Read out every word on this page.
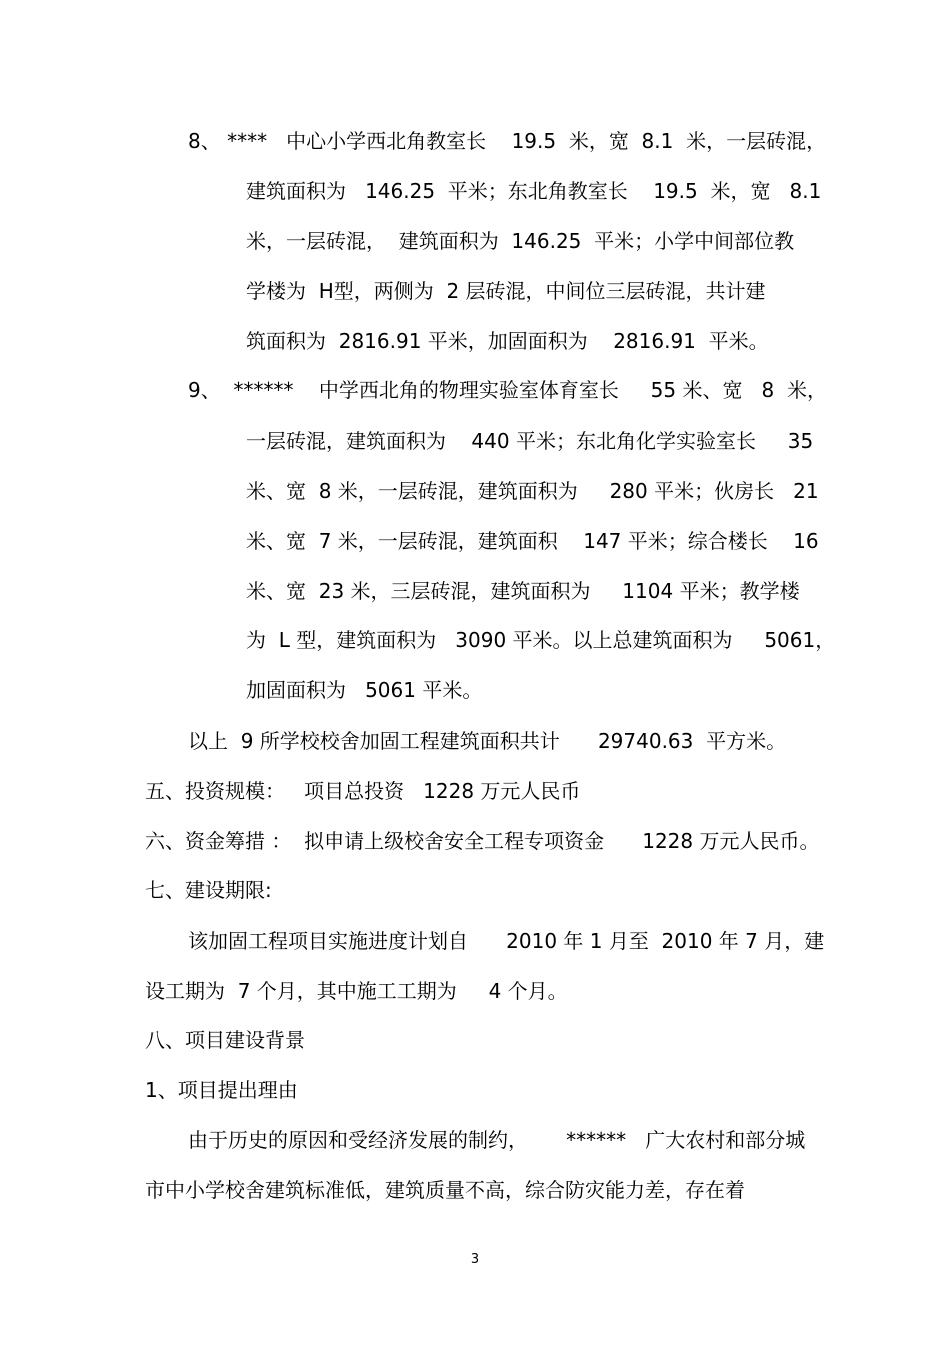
8、 ****   中心小学西北角教室长    19.5  米，宽  8.1  米，一层砖混，
建筑面积为   146.25  平米；东北角教室长    19.5  米，宽   8.1
米，一层砖混，  建筑面积为  146.25  平米；小学中间部位教
学楼为  H型，两侧为  2 层砖混，中间位三层砖混，共计建
筑面积为  2816.91 平米，加固面积为    2816.91  平米。
9、  ******    中学西北角的物理实验室体育室长     55 米、宽   8  米，
一层砖混，建筑面积为    440 平米；东北角化学实验室长     35
米、宽  8 米，一层砖混，建筑面积为     280 平米；伙房长   21
米、宽  7 米，一层砖混，建筑面积    147 平米；综合楼长    16
米、宽  23 米，三层砖混，建筑面积为     1104 平米；教学楼
为  L 型，建筑面积为   3090 平米。以上总建筑面积为     5061，
加固面积为   5061 平米。
以上  9 所学校校舍加固工程建筑面积共计      29740.63  平方米。
五、投资规模：   项目总投资   1228 万元人民币
六、资金筹措 ：  拟申请上级校舍安全工程专项资金      1228 万元人民币。
七、建设期限:
该加固工程项目实施进度计划自      2010 年 1 月至  2010 年 7 月，建
设工期为  7 个月，其中施工工期为     4 个月。
八、项目建设背景
1、项目提出理由
由于历史的原因和受经济发展的制约，      ******   广大农村和部分城
市中小学校舍建筑标准低，建筑质量不高，综合防灾能力差，存在着
3
